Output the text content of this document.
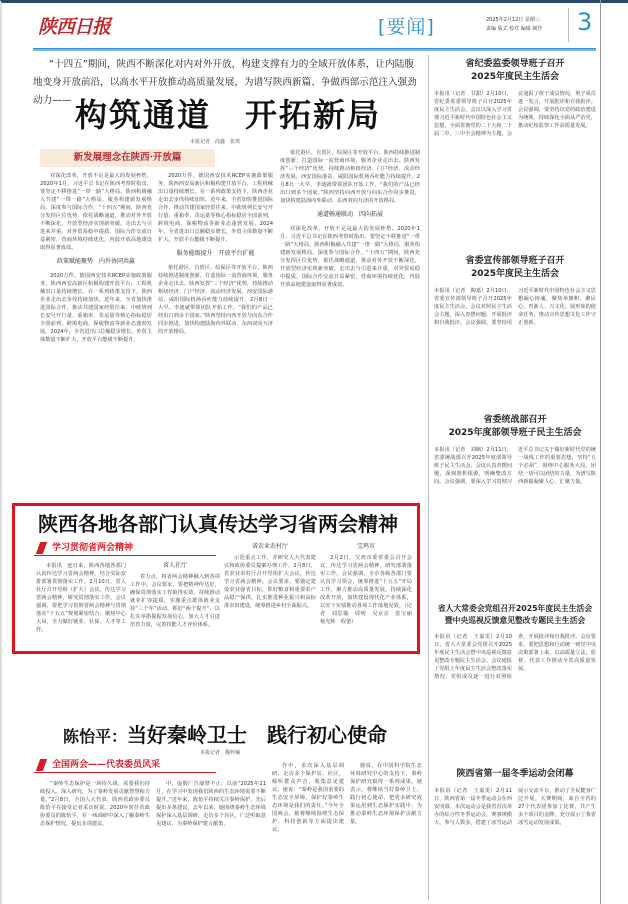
陕西日报	[要闻]	2025年2月12日 星期三
责编 版式 校对 编辑 制作	3
“十四五”期间，陕西不断深化对内对外开放，构建支撑有力的全域开放体系，让内陆腹地变身开放前沿，以高水平开放推动高质量发展，为谱写陕西新篇、争做西部示范注入强劲动力—— 构筑通道　开拓新局
本报记者　尚鑫　张琪
新发展理念在陕西·开放篇

对深化改革，开放不足是最大的发展桎梏。2020年1月，习近平总书记在陕西考察时指出，要坚定不移推进“一带一路”大格局，陕西积极融入共建“一带一路”大格局，服务构建新发展格局，深度参与国际合作。“十四五”期间，陕西充分发挥区位优势，依托战略通道，推动对外开放不断深化，开放型经济实现新突破。走出去与引进来并重，对外贸易稳中提质，国际合作交流日益紧密，营商环境持续优化，内陆开放高地建设取得显著成效。

政策赋能聚势　内外协同共赢

2020万件。德国西安技术RCEP实施政策服务，陕西西安高新区积极构建开放平台，工程机械出口量持续增长。在一系列政策支持下，陕西企业走出去步伐持续加快。近年来，全省加快推进国际合作，推动共建国家经贸往来。中欧班列长安号开行量、重箱率、货运量等核心指标稳居全国前列，跨境电商、保税物流等新业态蓬勃发展。2024年，全省进出口总额稳步增长，外贸主体数量不断扩大，开放平台能级不断提升。

2020万件。德国西安技术RCEP实施政策服务，陕西西安高新区积极构建开放平台，工程机械出口量持续增长。在一系列政策支持下，陕西企业走出去步伐持续加快。近年来，全省加快推进国际合作，推动共建国家经贸往来。中欧班列长安号开行量、重箱率、货运量等核心指标稳居全国前列，跨境电商、保税物流等新业态蓬勃发展。2024年，全省进出口总额稳步增长，外贸主体数量不断扩大，开放平台能级不断提升。

服务能级提升　开放平台扩能

依托港区、自贸区、综保区等开放平台，陕西持续推进制度创新，打造国际一流营商环境，服务企业走出去。陕西发挥“三个经济”优势，持续推动枢纽经济、门户经济、流动经济发展，西安国际港站、咸阳国际机场吞吐能力持续提升。2月8日一大早，李迪就带领团队开始工作，“我们的产品已经出口到多个国家。”陕西坚持向西开放与向东合作同步推进，加快构建陆海内外联动、东西双向互济的开放格局。

依托港区、自贸区、综保区等开放平台，陕西持续推进制度创新，打造国际一流营商环境，服务企业走出去。陕西发挥“三个经济”优势，持续推动枢纽经济、门户经济、流动经济发展，西安国际港站、咸阳国际机场吞吐能力持续提升。2月8日一大早，李迪就带领团队开始工作，“我们的产品已经出口到多个国家。”陕西坚持向西开放与向东合作同步推进，加快构建陆海内外联动、东西双向互济的开放格局。

通道畅通联动　四向拓展

对深化改革，开放不足是最大的发展桎梏。2020年1月，习近平总书记在陕西考察时指出，要坚定不移推进“一带一路”大格局，陕西积极融入共建“一带一路”大格局，服务构建新发展格局，深度参与国际合作。“十四五”期间，陕西充分发挥区位优势，依托战略通道，推动对外开放不断深化，开放型经济实现新突破。走出去与引进来并重，对外贸易稳中提质，国际合作交流日益紧密，营商环境持续优化，内陆开放高地建设取得显著成效。

省纪委监委领导班子召开
2025年度民主生活会
本报讯（记者　甘甜）2月10日，省纪委监委领导班子召开2025年度民主生活会。会议以深入学习贯彻习近平新时代中国特色社会主义思想，全面贯彻党的二十大和二十届二中、三中全会精神为主题。会议通报了班子成员情况，班子成员逐一发言，开展批评和自我批评。会议强调，要坚持以党的政治建设为统领，持续深化全面从严治党，推动纪检监察工作高质量发展。
省委宣传部领导班子召开
2025年度民主生活会
本报讯（记者　陶嘉）2月10日，省委宣传部领导班子召开2025年度民主生活会。会议对照民主生活会主题，深入查摆问题，开展批评和自我批评。会议强调，要坚持用习近平新时代中国特色社会主义思想凝心铸魂，聚焦举旗帜、聚民心、育新人、兴文化、展形象的使命任务，推动宣传思想文化工作守正创新。
省委统战部召开
2025年度部领导班子民主生活会
本报讯（记者　刘枫）2月11日，省委统战部召开2025年度部领导班子民主生活会。会议认真查摆问题，深刻剖析根源，明确整改方向。会议强调，要深入学习贯彻习近平总书记关于做好新时代党的统一战线工作的重要思想，坚持“五个必须”，围绕中心服务大局，团结一切可以团结的力量，为谱写陕西新篇凝聚人心、汇聚力量。
省人大常委会党组召开2025年度民主生活会
暨中央巡视反馈意见整改专题民主生活会
本报讯（记者　王嘉雯）2月10日，省人大常委会党组召开2025年度民主生活会暨中央巡视反馈意见整改专题民主生活会。会议通报了党组上年度民主生活会整改落实情况，党组成员逐一进行对照检查，开展批评和自我批评。会议要求，要把思想和行动统一到党中央决策部署上来，以高质量立法、监督、代表工作推动全省高质量发展。
陕西省第一届冬季运动会闭幕
本报讯（记者　王嘉雯）2月11日，陕西省第一届冬季运动会在西安闭幕。本次运动会是我省首次举办的综合性冬季运动会，赛事规模大、参与人数多，搭建了冰雪运动展示交流平台，推动了全民健身广泛开展。大赛期间，来自全省的27个代表团参加了比赛，共产生多个项目的金牌，充分展示了我省冰雪运动发展成果。
陕西各地各部门认真传达学习省两会精神
学习贯彻省两会精神

本报讯　连日来，陕西各地各部门认真传达学习省两会精神，结合实际安排部署贯彻落实工作。2月10日，省人社厅召开党组（扩大）会议，传达学习省两会精神，研究贯彻落实工作。会议强调，要把学习贯彻省两会精神与贯彻落实“十五五”规划紧密结合，聚焦中心大局，全力做好就业、社保、人才等工作。

省人社厅

着力点，将省两会精神融入到各项工作中。会议要求，要把精神传达好，确保贯彻落实工作取得实效，持续推动就业扩容提质，实施重点群体就业支持“三个年”活动，抓好“两个提升”，以扎实举措提振发展信心，加大人才引进培育力度，完善技能人才评价体系。

省农业农村厅

示范重点工作，并研究人大代表建议和政协委员提案办理工作。2月8日，省农业农村厅召开党组扩大会议，传达学习省两会精神。会议要求，要锚定建设农业强省目标，抓好粮食和重要农产品稳产保供，扎实推进种业振兴和高标准农田建设，统筹推进乡村全面振兴。

宝鸡市

2月2日，宝鸡市委常委会召开会议，传达学习省两会精神，研究部署落实工作。会议强调，全市各级各部门要认真学习领会，统筹推进“十五五”开局工作，聚力推动高质量发展，持续深化改革开放，加快建设现代化产业体系，以实干实绩推动各项工作落地见效。（记者　刘思璇　周明　吴京京　张宝丽　杨光辉　程蕾）

陈怡平：当好秦岭卫士　践行初心使命
本报记者　魏梓骊
全国两会——代表委员风采

“秦岭生态保护是一场持久战，需要我们持续投入、深入研究，为了秦岭发展贡献智慧和力量。”2月8日，全国人大代表、陕西省政协委员陈怡平在接受记者采访时说。2020年时任省政协委员的陈怡平，在一线调研中深入了解秦岭生态保护情况，提出多项建议。

中，虚假广告屡禁不止，以前“2025年11月，在学习中发现我们陕西的生态环境需要不断提升。”近年来，陈怡平持续关注秦岭保护，先后提出多条建议。去年以来，她围绕秦岭生态环境保护深入基层调研，走访多个县区，广泛听取意见建议，为秦岭保护建言献策。

作中，多次深入基层调研，走访多个保护站、社区，倾听群众声音，收集意见建议。她说：“秦岭是我国重要的生态安全屏障，保护好秦岭生态环境是我们的责任。”今年全国两会，她将继续围绕生态保护、科技创新等方面提出建议。

她说，在中国科学院生态环境研究中心的支持下，秦岭保护研究取得一系列成果。她表示，将继续当好秦岭卫士，践行初心使命，把更多研究成果运用到生态保护实践中，为推动秦岭生态环境保护贡献力量。
